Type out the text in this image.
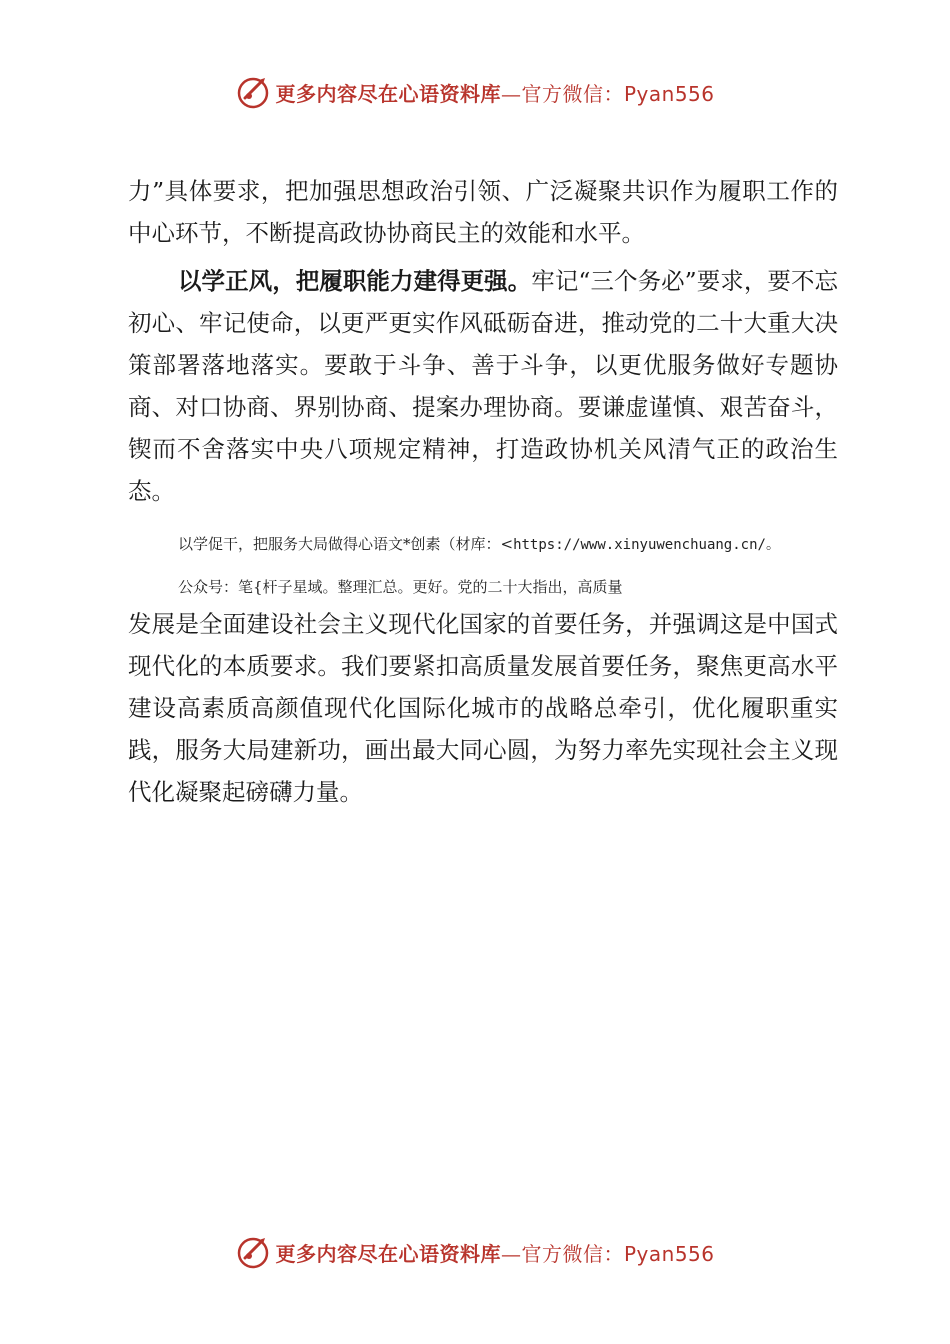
更多内容尽在心语资料库—官方微信：Pyan556

力”具体要求，把加强思想政治引领、广泛凝聚共识作为履职工作的中心环节，不断提高政协协商民主的效能和水平。

以学正风，把履职能力建得更强。牢记“三个务必”要求，要不忘初心、牢记使命，以更严更实作风砥砺奋进，推动党的二十大重大决策部署落地落实。要敢于斗争、善于斗争，以更优服务做好专题协商、对口协商、界别协商、提案办理协商。要谦虚谨慎、艰苦奋斗，锲而不舍落实中央八项规定精神，打造政协机关风清气正的政治生态。

以学促干，把服务大局做得心语文*创素（材库：<https://www.xinyuwenchuang.cn/。

公众号：笔{杆子星域。整理汇总。更好。党的二十大指出，高质量

发展是全面建设社会主义现代化国家的首要任务，并强调这是中国式现代化的本质要求。我们要紧扣高质量发展首要任务，聚焦更高水平建设高素质高颜值现代化国际化城市的战略总牵引，优化履职重实践，服务大局建新功，画出最大同心圆，为努力率先实现社会主义现代化凝聚起磅礴力量。

更多内容尽在心语资料库—官方微信：Pyan556
